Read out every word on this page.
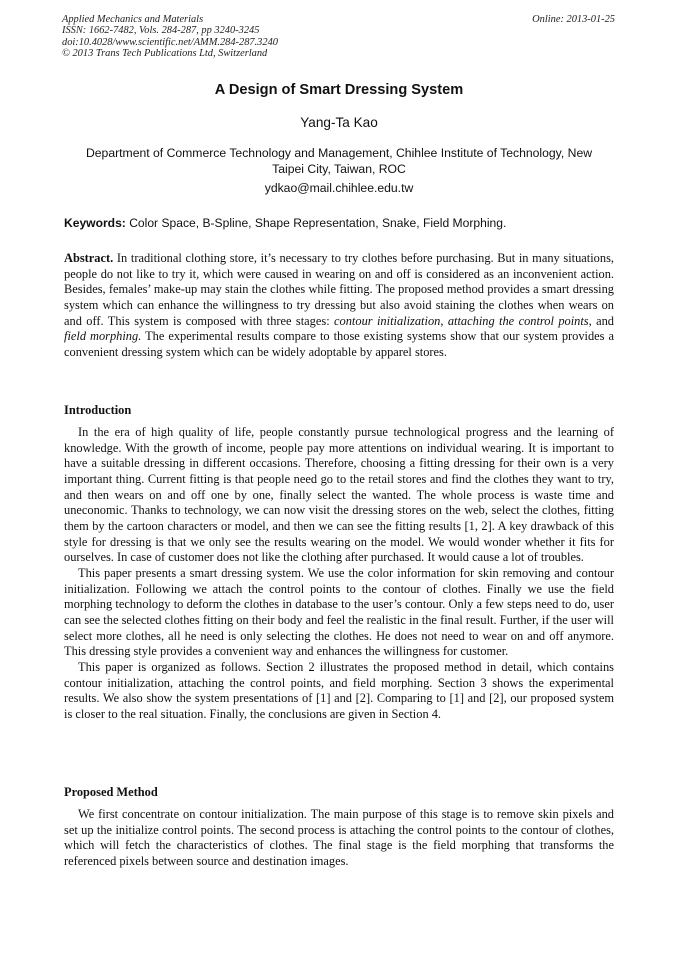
Applied Mechanics and Materials
ISSN: 1662-7482, Vols. 284-287, pp 3240-3245
doi:10.4028/www.scientific.net/AMM.284-287.3240
© 2013 Trans Tech Publications Ltd, Switzerland
Online: 2013-01-25
A Design of Smart Dressing System
Yang-Ta Kao
Department of Commerce Technology and Management, Chihlee Institute of Technology, New Taipei City, Taiwan, ROC
ydkao@mail.chihlee.edu.tw
Keywords: Color Space, B-Spline, Shape Representation, Snake, Field Morphing.

Abstract. In traditional clothing store, it’s necessary to try clothes before purchasing. But in many situations, people do not like to try it, which were caused in wearing on and off is considered as an inconvenient action. Besides, females’ make-up may stain the clothes while fitting. The proposed method provides a smart dressing system which can enhance the willingness to try dressing but also avoid staining the clothes when wears on and off. This system is composed with three stages: contour initialization, attaching the control points, and field morphing. The experimental results compare to those existing systems show that our system provides a convenient dressing system which can be widely adoptable by apparel stores.

Introduction

In the era of high quality of life, people constantly pursue technological progress and the learning of knowledge. With the growth of income, people pay more attentions on individual wearing. It is important to have a suitable dressing in different occasions. Therefore, choosing a fitting dressing for their own is a very important thing. Current fitting is that people need go to the retail stores and find the clothes they want to try, and then wears on and off one by one, finally select the wanted. The whole process is waste time and uneconomic. Thanks to technology, we can now visit the dressing stores on the web, select the clothes, fitting them by the cartoon characters or model, and then we can see the fitting results [1, 2]. A key drawback of this style for dressing is that we only see the results wearing on the model. We would wonder whether it fits for ourselves. In case of customer does not like the clothing after purchased. It would cause a lot of troubles.

This paper presents a smart dressing system. We use the color information for skin removing and contour initialization. Following we attach the control points to the contour of clothes. Finally we use the field morphing technology to deform the clothes in database to the user’s contour. Only a few steps need to do, user can see the selected clothes fitting on their body and feel the realistic in the final result. Further, if the user will select more clothes, all he need is only selecting the clothes. He does not need to wear on and off anymore. This dressing style provides a convenient way and enhances the willingness for customer.

This paper is organized as follows. Section 2 illustrates the proposed method in detail, which contains contour initialization, attaching the control points, and field morphing. Section 3 shows the experimental results. We also show the system presentations of [1] and [2]. Comparing to [1] and [2], our proposed system is closer to the real situation. Finally, the conclusions are given in Section 4.

Proposed Method

We first concentrate on contour initialization. The main purpose of this stage is to remove skin pixels and set up the initialize control points. The second process is attaching the control points to the contour of clothes, which will fetch the characteristics of clothes. The final stage is the field morphing that transforms the referenced pixels between source and destination images.
